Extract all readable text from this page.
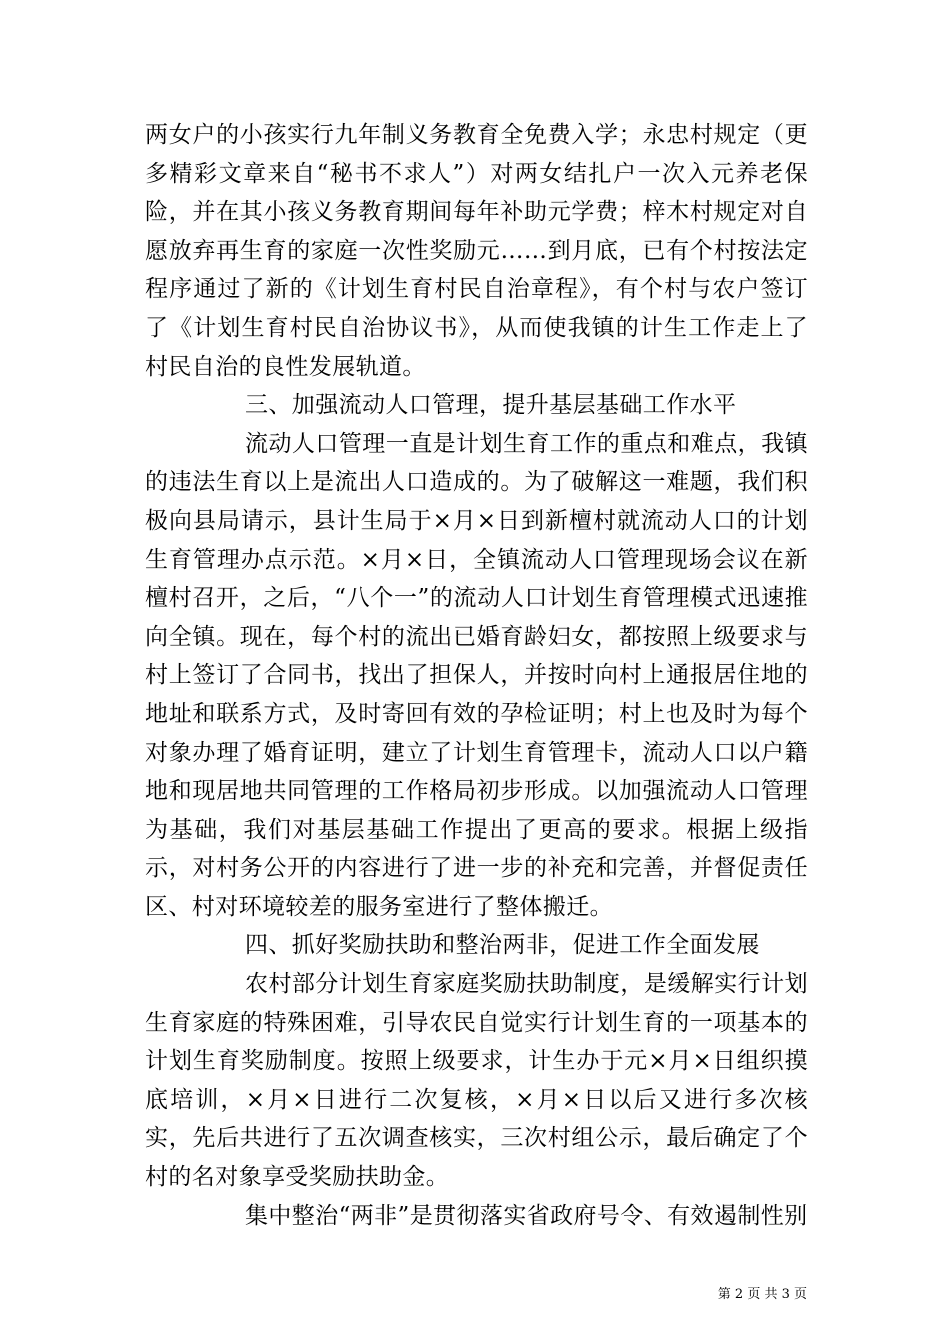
两女户的小孩实行九年制义务教育全免费入学；永忠村规定（更多精彩文章来自“秘书不求人”）对两女结扎户一次入元养老保险，并在其小孩义务教育期间每年补助元学费；梓木村规定对自愿放弃再生育的家庭一次性奖励元……到月底，已有个村按法定程序通过了新的《计划生育村民自治章程》，有个村与农户签订了《计划生育村民自治协议书》，从而使我镇的计生工作走上了村民自治的良性发展轨道。

三、加强流动人口管理，提升基层基础工作水平

流动人口管理一直是计划生育工作的重点和难点，我镇的违法生育以上是流出人口造成的。为了破解这一难题，我们积极向县局请示，县计生局于×月×日到新檀村就流动人口的计划生育管理办点示范。×月×日，全镇流动人口管理现场会议在新檀村召开，之后，“八个一”的流动人口计划生育管理模式迅速推向全镇。现在，每个村的流出已婚育龄妇女，都按照上级要求与村上签订了合同书，找出了担保人，并按时向村上通报居住地的地址和联系方式，及时寄回有效的孕检证明；村上也及时为每个对象办理了婚育证明，建立了计划生育管理卡，流动人口以户籍地和现居地共同管理的工作格局初步形成。以加强流动人口管理为基础，我们对基层基础工作提出了更高的要求。根据上级指示，对村务公开的内容进行了进一步的补充和完善，并督促责任区、村对环境较差的服务室进行了整体搬迁。

四、抓好奖励扶助和整治两非，促进工作全面发展

农村部分计划生育家庭奖励扶助制度，是缓解实行计划生育家庭的特殊困难，引导农民自觉实行计划生育的一项基本的计划生育奖励制度。按照上级要求，计生办于元×月×日组织摸底培训，×月×日进行二次复核，×月×日以后又进行多次核实，先后共进行了五次调查核实，三次村组公示，最后确定了个村的名对象享受奖励扶助金。

集中整治“两非”是贯彻落实省政府号令、有效遏制性别

第 2 页 共 3 页
